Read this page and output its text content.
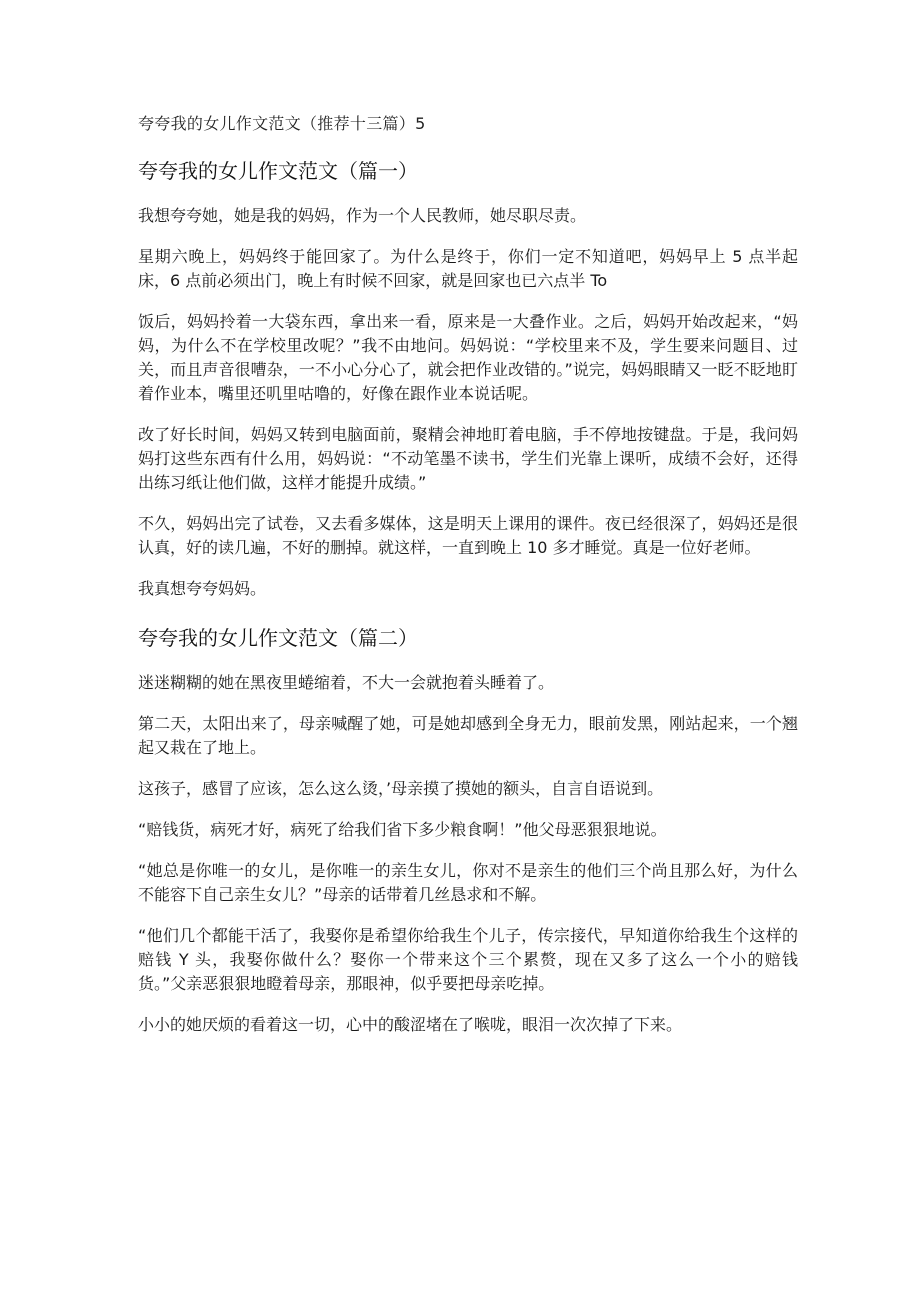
夸夸我的女儿作文范文（推荐十三篇）5
夸夸我的女儿作文范文（篇一）

我想夸夸她，她是我的妈妈，作为一个人民教师，她尽职尽责。

星期六晚上，妈妈终于能回家了。为什么是终于，你们一定不知道吧，妈妈早上 5 点半起床，6 点前必须出门，晚上有时候不回家，就是回家也已六点半 To

饭后，妈妈拎着一大袋东西，拿出来一看，原来是一大叠作业。之后，妈妈开始改起来，“妈妈，为什么不在学校里改呢？”我不由地问。妈妈说：“学校里来不及，学生要来问题目、过关，而且声音很嘈杂，一不小心分心了，就会把作业改错的。”说完，妈妈眼睛又一眨不眨地盯着作业本，嘴里还叽里咕噜的，好像在跟作业本说话呢。

改了好长时间，妈妈又转到电脑面前，聚精会神地盯着电脑，手不停地按键盘。于是，我问妈妈打这些东西有什么用，妈妈说：“不动笔墨不读书，学生们光靠上课听，成绩不会好，还得出练习纸让他们做，这样才能提升成绩。”

不久，妈妈出完了试卷，又去看多媒体，这是明天上课用的课件。夜已经很深了，妈妈还是很认真，好的读几遍，不好的删掉。就这样，一直到晚上 10 多才睡觉。真是一位好老师。

我真想夸夸妈妈。

夸夸我的女儿作文范文（篇二）

迷迷糊糊的她在黑夜里蜷缩着，不大一会就抱着头睡着了。

第二天，太阳出来了，母亲喊醒了她，可是她却感到全身无力，眼前发黑，刚站起来，一个翘起又栽在了地上。

这孩子，感冒了应该，怎么这么烫，’母亲摸了摸她的额头，自言自语说到。

“赔钱货，病死才好，病死了给我们省下多少粮食啊！”他父母恶狠狠地说。

“她总是你唯一的女儿，是你唯一的亲生女儿，你对不是亲生的他们三个尚且那么好，为什么不能容下自己亲生女儿？”母亲的话带着几丝恳求和不解。

“他们几个都能干活了，我娶你是希望你给我生个儿子，传宗接代，早知道你给我生个这样的赔钱 Y 头，我娶你做什么？娶你一个带来这个三个累赘，现在又多了这么一个小的赔钱货。”父亲恶狠狠地瞪着母亲，那眼神，似乎要把母亲吃掉。

小小的她厌烦的看着这一切，心中的酸涩堵在了喉咙，眼泪一次次掉了下来。
